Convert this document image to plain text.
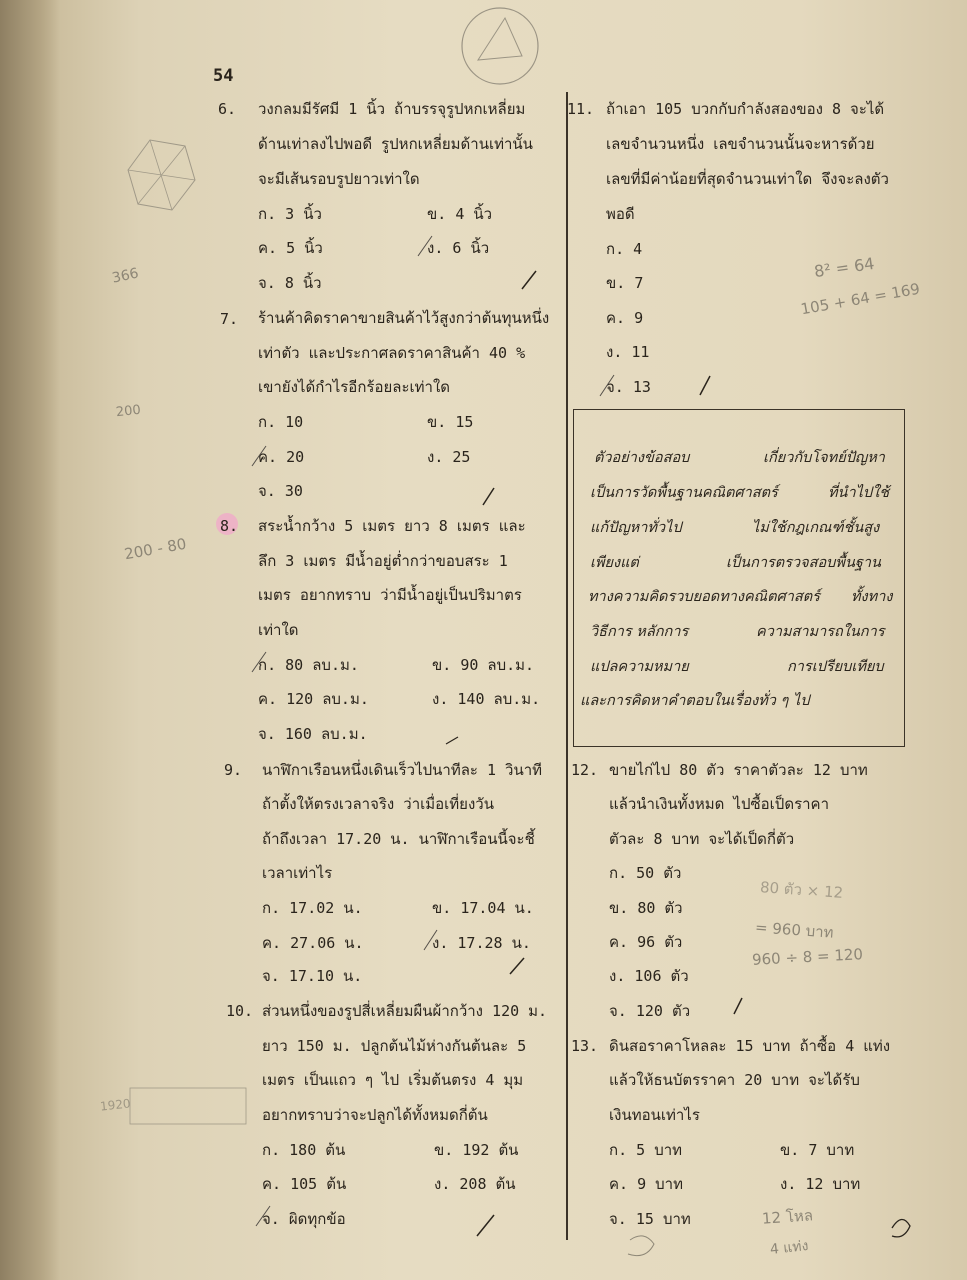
54
6. วงกลมมีรัศมี 1 นิ้ว ถ้าบรรจุรูปหกเหลี่ยม
ด้านเท่าลงไปพอดี รูปหกเหลี่ยมด้านเท่านั้น
จะมีเส้นรอบรูปยาวเท่าใด
ก. 3 นิ้ว	ข. 4 นิ้ว
ค. 5 นิ้ว	ง. 6 นิ้ว
จ. 8 นิ้ว
7. ร้านค้าคิดราคาขายสินค้าไว้สูงกว่าต้นทุนหนึ่ง
เท่าตัว และประกาศลดราคาสินค้า 40 %
เขายังได้กำไรอีกร้อยละเท่าใด
ก. 10	ข. 15
ค. 20	ง. 25
จ. 30
8. สระน้ำกว้าง 5 เมตร ยาว 8 เมตร และ
ลึก 3 เมตร มีน้ำอยู่ต่ำกว่าขอบสระ 1
เมตร อยากทราบ ว่ามีน้ำอยู่เป็นปริมาตร
เท่าใด
ก. 80 ลบ.ม.	ข. 90 ลบ.ม.
ค. 120 ลบ.ม.	ง. 140 ลบ.ม.
จ. 160 ลบ.ม.
9. นาฬิกาเรือนหนึ่งเดินเร็วไปนาทีละ 1 วินาที
ถ้าตั้งให้ตรงเวลาจริง ว่าเมื่อเที่ยงวัน
ถ้าถึงเวลา 17.20 น. นาฬิกาเรือนนี้จะชี้
เวลาเท่าไร
ก. 17.02 น.	ข. 17.04 น.
ค. 27.06 น.	ง. 17.28 น.
จ. 17.10 น.
10. ส่วนหนึ่งของรูปสี่เหลี่ยมผืนผ้ากว้าง 120 ม.
ยาว 150 ม. ปลูกต้นไม้ห่างกันต้นละ 5
เมตร เป็นแถว ๆ ไป เริ่มต้นตรง 4 มุม
อยากทราบว่าจะปลูกได้ทั้งหมดกี่ต้น
ก. 180 ต้น	ข. 192 ต้น
ค. 105 ต้น	ง. 208 ต้น
จ. ผิดทุกข้อ
11. ถ้าเอา 105 บวกกับกำลังสองของ 8 จะได้
เลขจำนวนหนึ่ง เลขจำนวนนั้นจะหารด้วย
เลขที่มีค่าน้อยที่สุดจำนวนเท่าใด จึงจะลงตัว
พอดี
ก. 4
ข. 7
ค. 9
ง. 11
จ. 13
ตัวอย่างข้อสอบ	เกี่ยวกับโจทย์ปัญหา
เป็นการวัดพื้นฐานคณิตศาสตร์	ที่นำไปใช้
แก้ปัญหาทั่วไป	ไม่ใช้กฎเกณฑ์ชั้นสูง
เพียงแต่	เป็นการตรวจสอบพื้นฐาน
ทางความคิดรวบยอดทางคณิตศาสตร์ ทั้งทาง
วิธีการ หลักการ	ความสามารถในการ
แปลความหมาย	การเปรียบเทียบ
และการคิดหาคำตอบในเรื่องทั่ว ๆ ไป
12. ขายไก่ไป 80 ตัว ราคาตัวละ 12 บาท
แล้วนำเงินทั้งหมด ไปซื้อเป็ดราคา
ตัวละ 8 บาท จะได้เป็ดกี่ตัว
ก. 50 ตัว
ข. 80 ตัว
ค. 96 ตัว
ง. 106 ตัว
จ. 120 ตัว
13. ดินสอราคาโหลละ 15 บาท ถ้าซื้อ 4 แท่ง
แล้วให้ธนบัตรราคา 20 บาท จะได้รับ
เงินทอนเท่าไร
ก. 5 บาท	ข. 7 บาท
ค. 9 บาท	ง. 12 บาท
จ. 15 บาท
8² = 64
105 + 64 = 169
80 ตัว × 12
= 960 บาท
960 ÷ 8 = 120
12 โหล
4 แท่ง
366
1920
200
200 - 80
